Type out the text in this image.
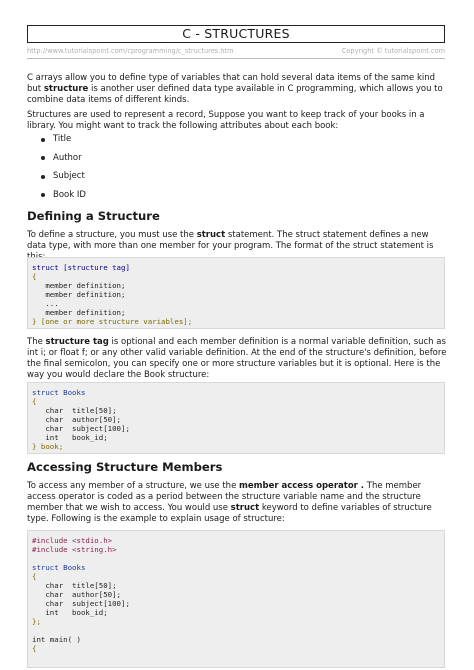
C - STRUCTURES
http://www.tutorialspoint.com/cprogramming/c_structures.htm	Copyright © tutorialspoint.com

C arrays allow you to define type of variables that can hold several data items of the same kind but structure is another user defined data type available in C programming, which allows you to combine data items of different kinds.

Structures are used to represent a record, Suppose you want to keep track of your books in a library. You might want to track the following attributes about each book:

Title
Author
Subject
Book ID
Defining a Structure

To define a structure, you must use the struct statement. The struct statement defines a new data type, with more than one member for your program. The format of the struct statement is

struct [structure tag]
{
member definition;
member definition;
...
member definition;
} [one or more structure variables];

The structure tag is optional and each member definition is a normal variable definition, such as int i; or float f; or any other valid variable definition. At the end of the structure's definition, before the final semicolon, you can specify one or more structure variables but it is optional. Here is the way you would declare the Book structure:

struct Books
{
char  title[50];
char  author[50];
char  subject[100];
int   book_id;
} book;
Accessing Structure Members

To access any member of a structure, we use the member access operator . The member access operator is coded as a period between the structure variable name and the structure member that we wish to access. You would use struct keyword to define variables of structure type. Following is the example to explain usage of structure:

#include <stdio.h>
#include <string.h>
struct Books
{
char  title[50];
char  author[50];
char  subject[100];
int   book_id;
};
int main( )
{
